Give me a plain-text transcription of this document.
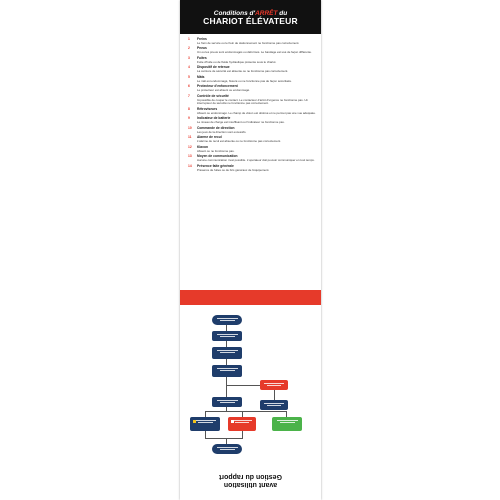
Conditions d'ARRÊT du
CHARIOT ÉLÉVATEUR
1	Freins
Le frein de service ou le frein de stationnement ne fonctionne pas correctement.
2	Pneus
Un ou les pneus sont endommagés ou déformés. Le bandage est usé de façon différente.
3	Fuites
Fuite d'huile ou de fluide hydraulique présente sous le chariot.
4	Dispositif de retenue
La ceinture de sécurité est absente ou ne fonctionne pas correctement.
5	Mâts
Le mât est endommagé, fissuré ou ne fonctionne pas de façon sécuritaire.
6	Protecteur d'enfoncement
Le protecteur est absent ou endommagé.
7	Contrôle de sécurité
Impossible de couper le contact. Le contacteur d'arrêt d'urgence ne fonctionne pas. Un interrupteur de sécurité ne fonctionne pas correctement.
8	Rétroviseurs
Absent ou endommagé. Le champ de vision est obstrué et ne permet pas une vue adéquate.
9	Indicateur de batterie
Le niveau de charge est insuffisant ou l'indicateur ne fonctionne pas.
10	Commande de direction
Les jeux de la direction sont excessifs.
11	Alarme de recul
L'alarme de recul est absente ou ne fonctionne pas correctement.
12	Klaxon
Absent ou ne fonctionne pas.
13	Moyen de communication
Aucune communication n'est possible. L'opérateur doit pouvoir communiquer en tout temps.
14	Présence faite générale
Présence de fuites ou de bris généraux de l'équipement.
avant utilisation
Gestion du rapport
